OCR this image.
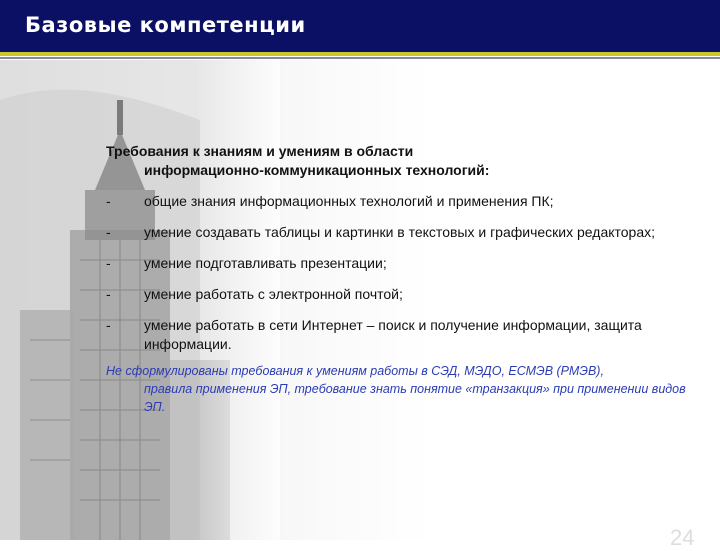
Базовые компетенции
Требования к знаниям и умениям в области
информационно-коммуникационных технологий:
-	общие знания информационных технологий и применения ПК;
-	умение создавать таблицы и картинки в текстовых и графических редакторах;
-	умение подготавливать презентации;
-	умение работать с электронной почтой;
-	умение работать в сети Интернет – поиск и получение информации, защита информации.
Не сформулированы требования к умениям работы в СЭД, МЭДО, ЕСМЭВ (РМЭВ),
правила применения ЭП, требование знать понятие «транзакция» при применении видов ЭП.
24
